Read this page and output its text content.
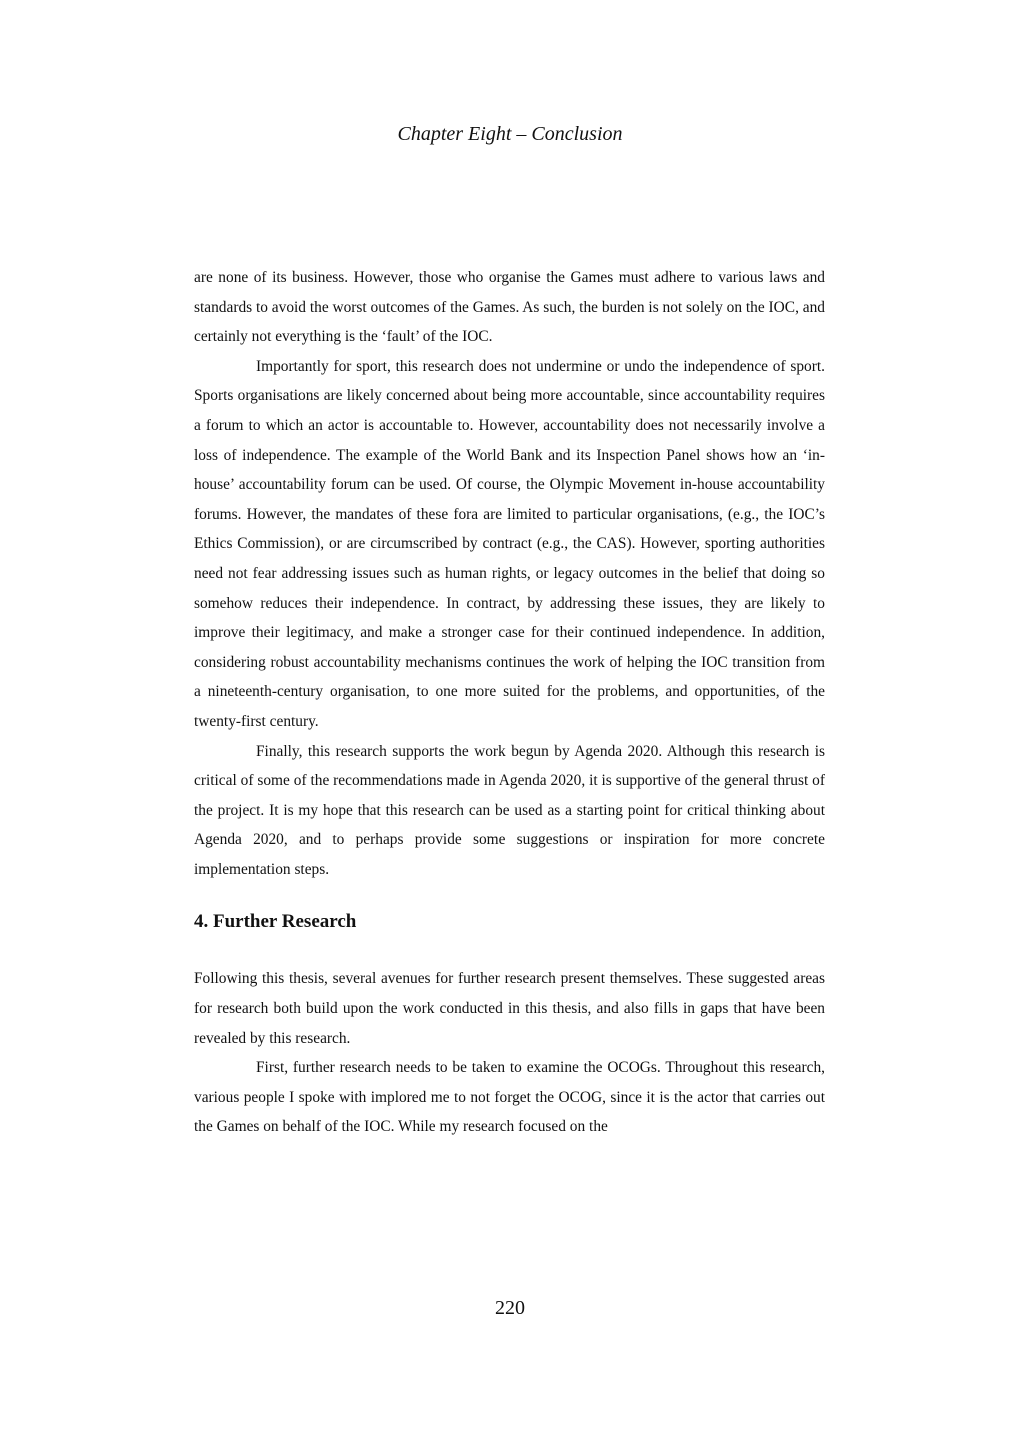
Chapter Eight – Conclusion

are none of its business. However, those who organise the Games must adhere to various laws and standards to avoid the worst outcomes of the Games. As such, the burden is not solely on the IOC, and certainly not everything is the ‘fault’ of the IOC.

Importantly for sport, this research does not undermine or undo the independence of sport. Sports organisations are likely concerned about being more accountable, since accountability requires a forum to which an actor is accountable to. However, accountability does not necessarily involve a loss of independence. The example of the World Bank and its Inspection Panel shows how an ‘in-house’ accountability forum can be used. Of course, the Olympic Movement in-house accountability forums. However, the mandates of these fora are limited to particular organisations, (e.g., the IOC’s Ethics Commission), or are circumscribed by contract (e.g., the CAS). However, sporting authorities need not fear addressing issues such as human rights, or legacy outcomes in the belief that doing so somehow reduces their independence. In contract, by addressing these issues, they are likely to improve their legitimacy, and make a stronger case for their continued independence. In addition, considering robust accountability mechanisms continues the work of helping the IOC transition from a nineteenth-century organisation, to one more suited for the problems, and opportunities, of the twenty-first century.

Finally, this research supports the work begun by Agenda 2020. Although this research is critical of some of the recommendations made in Agenda 2020, it is supportive of the general thrust of the project. It is my hope that this research can be used as a starting point for critical thinking about Agenda 2020, and to perhaps provide some suggestions or inspiration for more concrete implementation steps.

4. Further Research

Following this thesis, several avenues for further research present themselves. These suggested areas for research both build upon the work conducted in this thesis, and also fills in gaps that have been revealed by this research.

First, further research needs to be taken to examine the OCOGs. Throughout this research, various people I spoke with implored me to not forget the OCOG, since it is the actor that carries out the Games on behalf of the IOC. While my research focused on the

220
